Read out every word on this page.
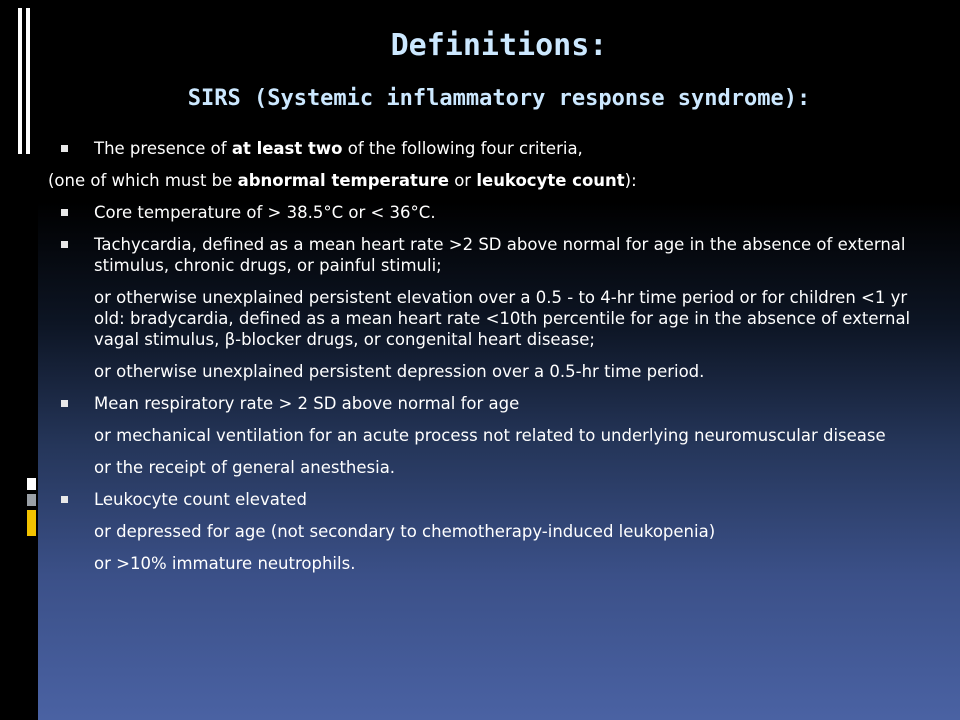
Definitions:
SIRS (Systemic inflammatory response syndrome):
The presence of at least two of the following four criteria,
(one of which must be abnormal temperature or leukocyte count):
Core temperature of > 38.5°C or < 36°C.
Tachycardia, defined as a mean heart rate >2 SD above normal for age in the absence of external stimulus, chronic drugs, or painful stimuli;
or otherwise unexplained persistent elevation over a 0.5 - to 4-hr time period or for children <1 yr old: bradycardia, defined as a mean heart rate <10th percentile for age in the absence of external vagal stimulus, β-blocker drugs, or congenital heart disease;
or otherwise unexplained persistent depression over a 0.5-hr time period.
Mean respiratory rate > 2 SD above normal for age
or mechanical ventilation for an acute process not related to underlying neuromuscular disease
or the receipt of general anesthesia.
Leukocyte count elevated
or depressed for age (not secondary to chemotherapy-induced leukopenia)
or >10% immature neutrophils.
